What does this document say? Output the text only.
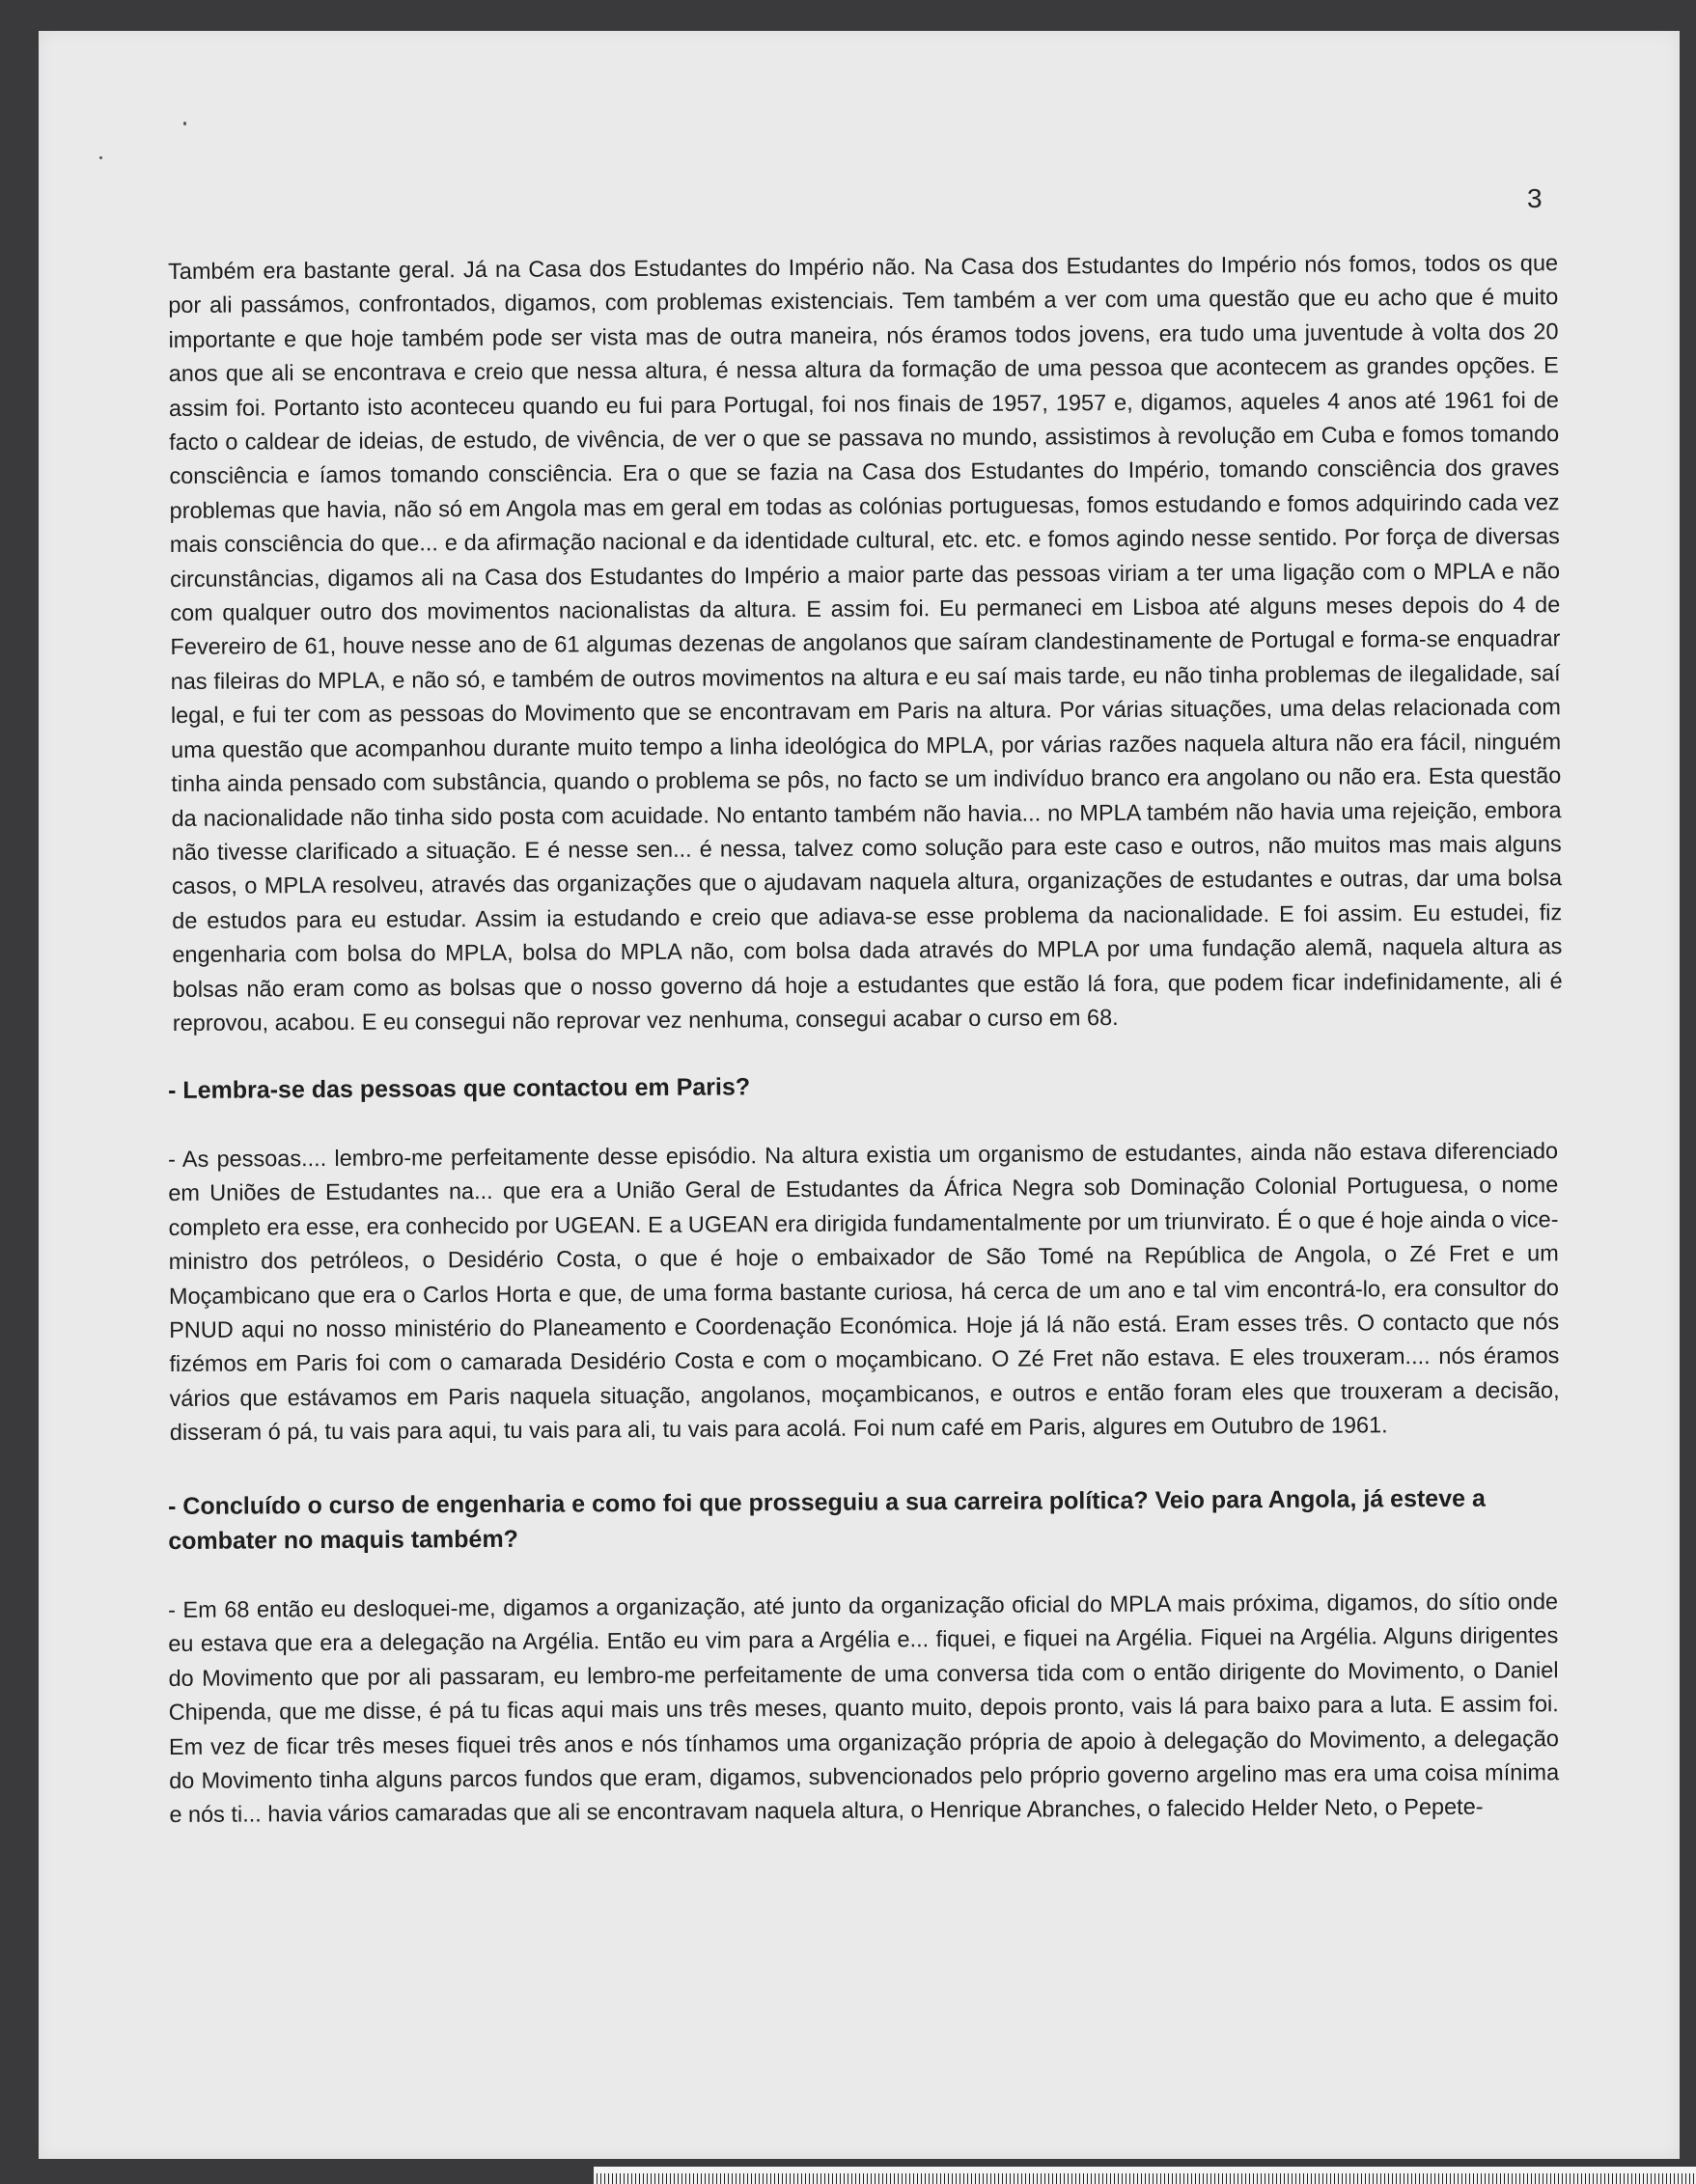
3

Também era bastante geral. Já na Casa dos Estudantes do Império não. Na Casa dos Estudantes do Império nós fomos, todos os que por ali passámos, confrontados, digamos, com problemas existenciais. Tem também a ver com uma questão que eu acho que é muito importante e que hoje também pode ser vista mas de outra maneira, nós éramos todos jovens, era tudo uma juventude à volta dos 20 anos que ali se encontrava e creio que nessa altura, é nessa altura da formação de uma pessoa que acontecem as grandes opções. E assim foi. Portanto isto aconteceu quando eu fui para Portugal, foi nos finais de 1957, 1957 e, digamos, aqueles 4 anos até 1961 foi de facto o caldear de ideias, de estudo, de vivência, de ver o que se passava no mundo, assistimos à revolução em Cuba e fomos tomando consciência e íamos tomando consciência. Era o que se fazia na Casa dos Estudantes do Império, tomando consciência dos graves problemas que havia, não só em Angola mas em geral em todas as colónias portuguesas, fomos estudando e fomos adquirindo cada vez mais consciência do que... e da afirmação nacional e da identidade cultural, etc. etc. e fomos agindo nesse sentido. Por força de diversas circunstâncias, digamos ali na Casa dos Estudantes do Império a maior parte das pessoas viriam a ter uma ligação com o MPLA e não com qualquer outro dos movimentos nacionalistas da altura. E assim foi. Eu permaneci em Lisboa até alguns meses depois do 4 de Fevereiro de 61, houve nesse ano de 61 algumas dezenas de angolanos que saíram clandestinamente de Portugal e forma-se enquadrar nas fileiras do MPLA, e não só, e também de outros movimentos na altura e eu saí mais tarde, eu não tinha problemas de ilegalidade, saí legal, e fui ter com as pessoas do Movimento que se encontravam em Paris na altura. Por várias situações, uma delas relacionada com uma questão que acompanhou durante muito tempo a linha ideológica do MPLA, por várias razões naquela altura não era fácil, ninguém tinha ainda pensado com substância, quando o problema se pôs, no facto se um indivíduo branco era angolano ou não era. Esta questão da nacionalidade não tinha sido posta com acuidade. No entanto também não havia... no MPLA também não havia uma rejeição, embora não tivesse clarificado a situação. E é nesse sen... é nessa, talvez como solução para este caso e outros, não muitos mas mais alguns casos, o MPLA resolveu, através das organizações que o ajudavam naquela altura, organizações de estudantes e outras, dar uma bolsa de estudos para eu estudar. Assim ia estudando e creio que adiava-se esse problema da nacionalidade. E foi assim. Eu estudei, fiz engenharia com bolsa do MPLA, bolsa do MPLA não, com bolsa dada através do MPLA por uma fundação alemã, naquela altura as bolsas não eram como as bolsas que o nosso governo dá hoje a estudantes que estão lá fora, que podem ficar indefinidamente, ali é reprovou, acabou. E eu consegui não reprovar vez nenhuma, consegui acabar o curso em 68.

- Lembra-se das pessoas que contactou em Paris?

- As pessoas.... lembro-me perfeitamente desse episódio. Na altura existia um organismo de estudantes, ainda não estava diferenciado em Uniões de Estudantes na... que era a União Geral de Estudantes da África Negra sob Dominação Colonial Portuguesa, o nome completo era esse, era conhecido por UGEAN. E a UGEAN era dirigida fundamentalmente por um triunvirato. É o que é hoje ainda o vice-ministro dos petróleos, o Desidério Costa, o que é hoje o embaixador de São Tomé na República de Angola, o Zé Fret e um Moçambicano que era o Carlos Horta e que, de uma forma bastante curiosa, há cerca de um ano e tal vim encontrá-lo, era consultor do PNUD aqui no nosso ministério do Planeamento e Coordenação Económica. Hoje já lá não está. Eram esses três. O contacto que nós fizémos em Paris foi com o camarada Desidério Costa e com o moçambicano. O Zé Fret não estava. E eles trouxeram.... nós éramos vários que estávamos em Paris naquela situação, angolanos, moçambicanos, e outros e então foram eles que trouxeram a decisão, disseram ó pá, tu vais para aqui, tu vais para ali, tu vais para acolá. Foi num café em Paris, algures em Outubro de 1961.

- Concluído o curso de engenharia e como foi que prosseguiu a sua carreira política? Veio para Angola, já esteve a combater no maquis também?

- Em 68 então eu desloquei-me, digamos a organização, até junto da organização oficial do MPLA mais próxima, digamos, do sítio onde eu estava que era a delegação na Argélia. Então eu vim para a Argélia e... fiquei, e fiquei na Argélia. Fiquei na Argélia. Alguns dirigentes do Movimento que por ali passaram, eu lembro-me perfeitamente de uma conversa tida com o então dirigente do Movimento, o Daniel Chipenda, que me disse, é pá tu ficas aqui mais uns três meses, quanto muito, depois pronto, vais lá para baixo para a luta. E assim foi. Em vez de ficar três meses fiquei três anos e nós tínhamos uma organização própria de apoio à delegação do Movimento, a delegação do Movimento tinha alguns parcos fundos que eram, digamos, subvencionados pelo próprio governo argelino mas era uma coisa mínima e nós ti... havia vários camaradas que ali se encontravam naquela altura, o Henrique Abranches, o falecido Helder Neto, o Pepete-
